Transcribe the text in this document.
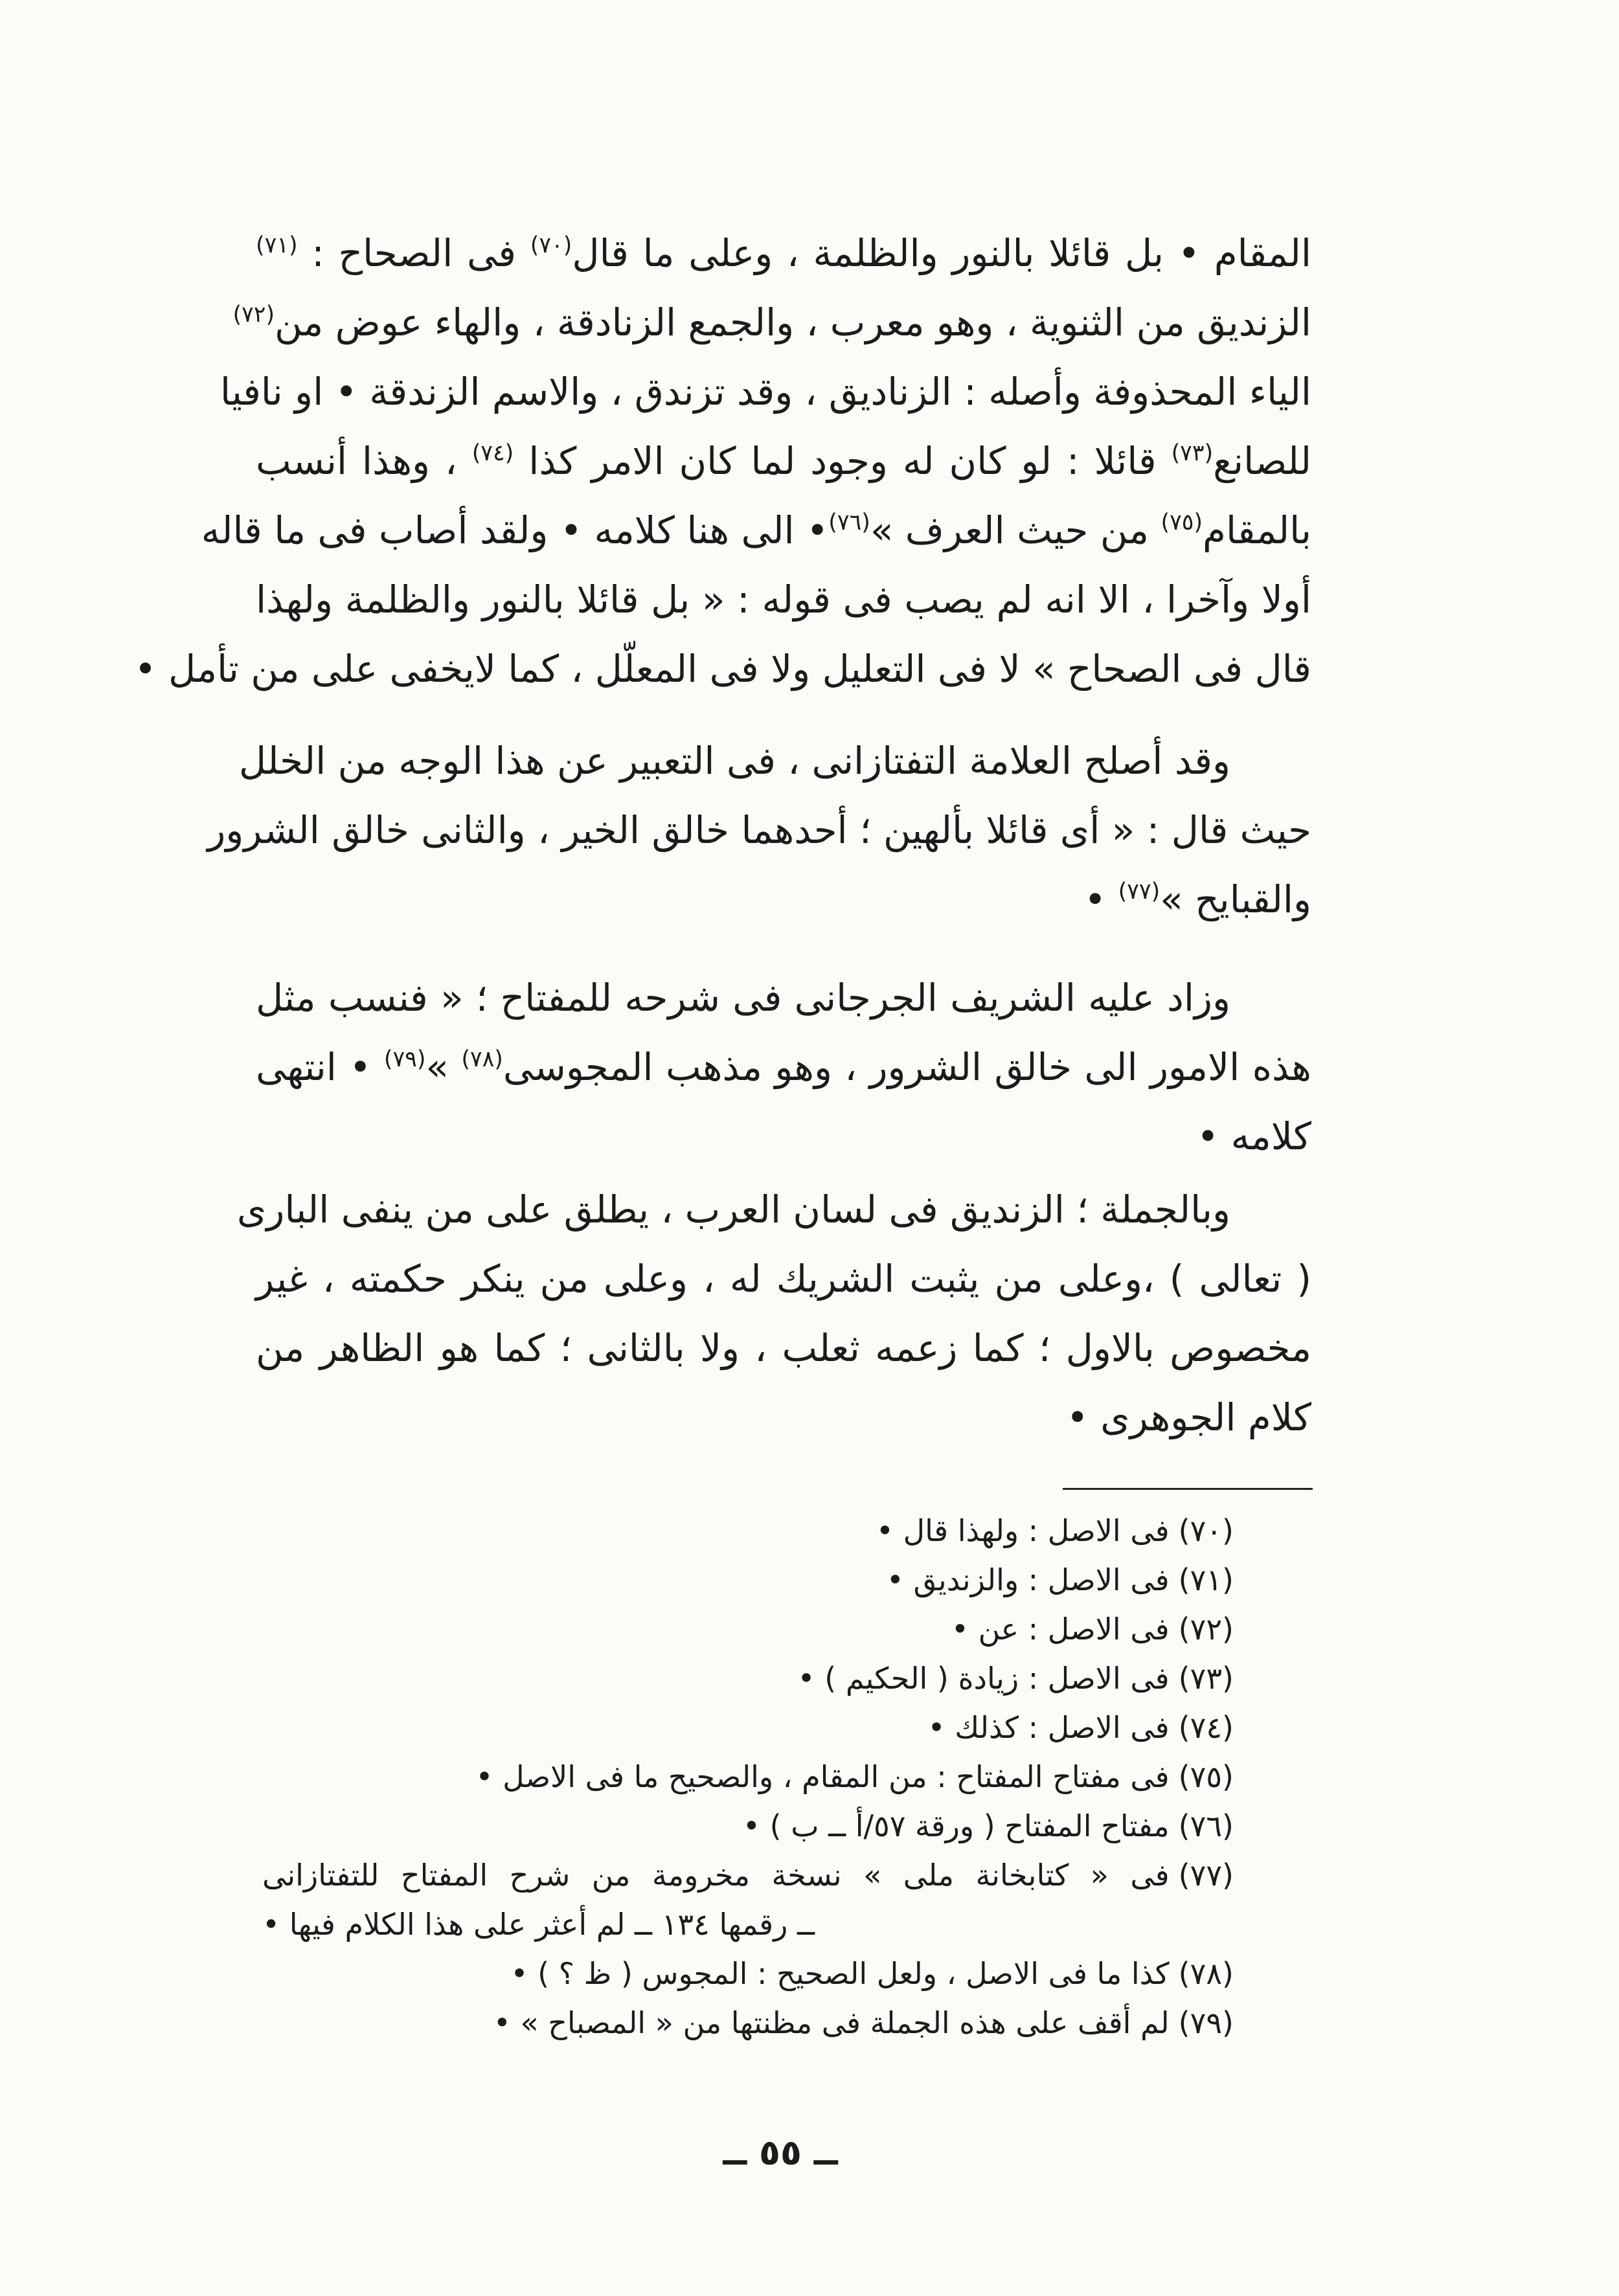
المقام • بل قائلا بالنور والظلمة ، وعلى ما قال$^{(٧٠)}$ فى الصحاح : $^{(٧١)}$
الزنديق من الثنوية ، وهو معرب ، والجمع الزنادقة ، والهاء عوض من$^{(٧٢)}$
الياء المحذوفة وأصله : الزناديق ، وقد تزندق ، والاسم الزندقة • او نافيا
للصانع$^{(٧٣)}$ قائلا : لو كان له وجود لما كان الامر كذا $^{(٧٤)}$ ، وهذا أنسب
بالمقام$^{(٧٥)}$ من حيث العرف »$^{(٧٦)}$• الى هنا كلامه • ولقد أصاب فى ما قاله
أولا وآخرا ، الا انه لم يصب فى قوله : « بل قائلا بالنور والظلمة ولهذا
قال فى الصحاح » لا فى التعليل ولا فى المعلّل ، كما لايخفى على من تأمل •
وقد أصلح العلامة التفتازانى ، فى التعبير عن هذا الوجه من الخلل
حيث قال : « أى قائلا بألهين ؛ أحدهما خالق الخير ، والثانى خالق الشرور
والقبايح »$^{(٧٧)}$ •
وزاد عليه الشريف الجرجانى فى شرحه للمفتاح ؛ « فنسب مثل
هذه الامور الى خالق الشرور ، وهو مذهب المجوسى$^{(٧٨)}$ »$^{(٧٩)}$ • انتهى
كلامه •
وبالجملة ؛ الزنديق فى لسان العرب ، يطلق على من ينفى البارى
( تعالى ) ،وعلى من يثبت الشريك له ، وعلى من ينكر حكمته ، غير
مخصوص بالاول ؛ كما زعمه ثعلب ، ولا بالثانى ؛ كما هو الظاهر من
كلام الجوهرى •
(٧٠)فى الاصل : ولهذا قال •
(٧١)فى الاصل : والزنديق •
(٧٢)فى الاصل : عن •
(٧٣)فى الاصل : زيادة ( الحكيم ) •
(٧٤)فى الاصل : كذلك •
(٧٥)فى مفتاح المفتاح : من المقام ، والصحيح ما فى الاصل •
(٧٦)مفتاح المفتاح ( ورقة ٥٧/أ ــ ب ) •
(٧٧)فى « كتابخانة ملى » نسخة مخرومة من شرح المفتاح للتفتازانى
ــ رقمها ١٣٤ ــ لم أعثر على هذا الكلام فيها •
(٧٨)كذا ما فى الاصل ، ولعل الصحيح : المجوس ( ظ ؟ ) •
(٧٩)لم أقف على هذه الجملة فى مظنتها من « المصباح » •
ــ ٥٥ ــ
